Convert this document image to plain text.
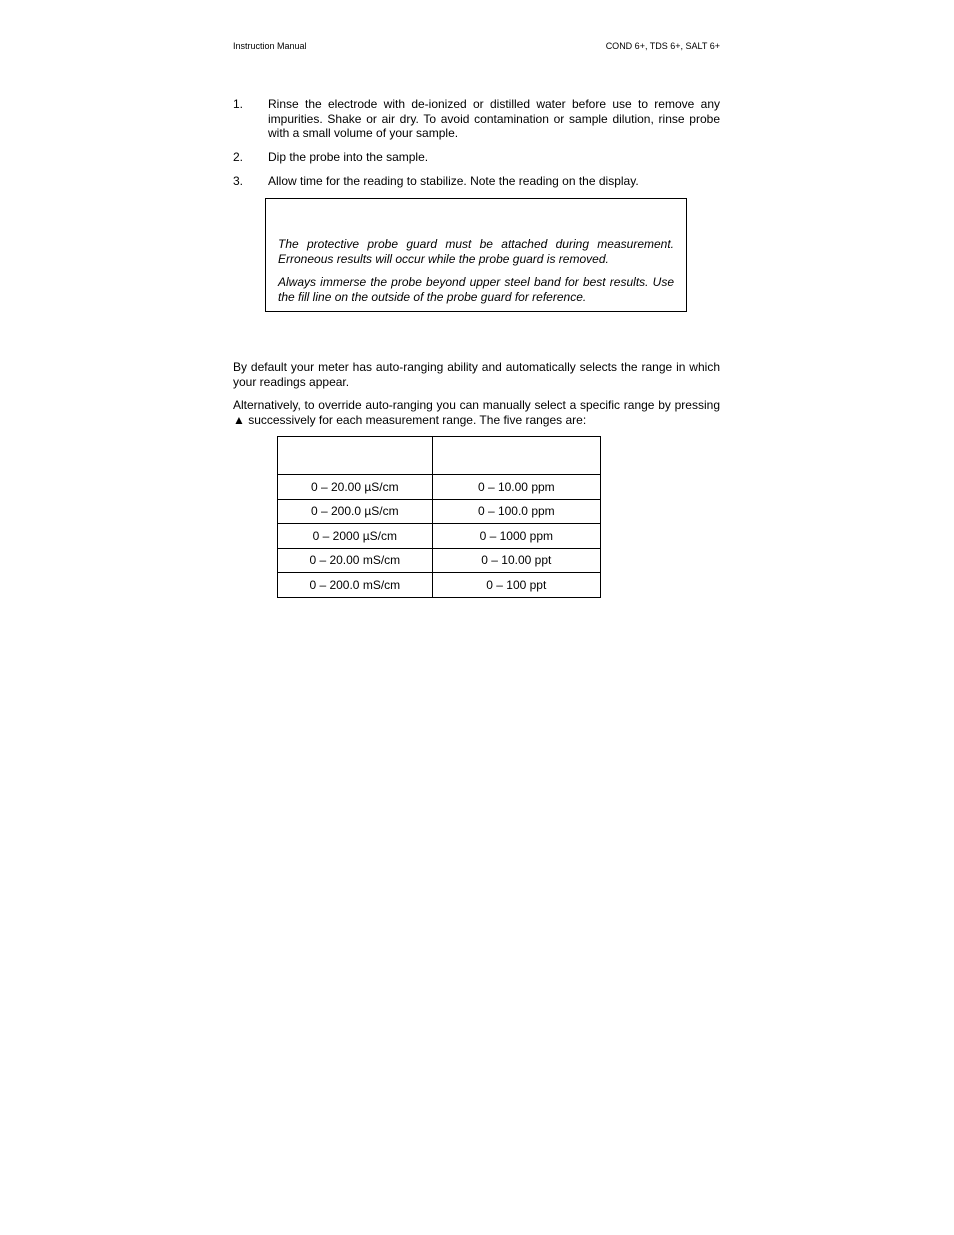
Instruction Manual	COND 6+, TDS 6+, SALT 6+
1.	Rinse the electrode with de-ionized or distilled water before use to remove any impurities. Shake or air dry. To avoid contamination or sample dilution, rinse probe with a small volume of your sample.
2.	Dip the probe into the sample.
3.	Allow time for the reading to stabilize. Note the reading on the display.
The protective probe guard must be attached during measurement. Erroneous results will occur while the probe guard is removed.
Always immerse the probe beyond upper steel band for best results. Use the fill line on the outside of the probe guard for reference.
By default your meter has auto-ranging ability and automatically selects the range in which your readings appear.
Alternatively, to override auto-ranging you can manually select a specific range by pressing ▲ successively for each measurement range. The five ranges are:

0 – 20.00 µS/cm	0 – 10.00 ppm
0 – 200.0 µS/cm	0 – 100.0 ppm
0 – 2000 µS/cm	0 – 1000 ppm
0 – 20.00 mS/cm	0 – 10.00 ppt
0 – 200.0 mS/cm	0 – 100 ppt
